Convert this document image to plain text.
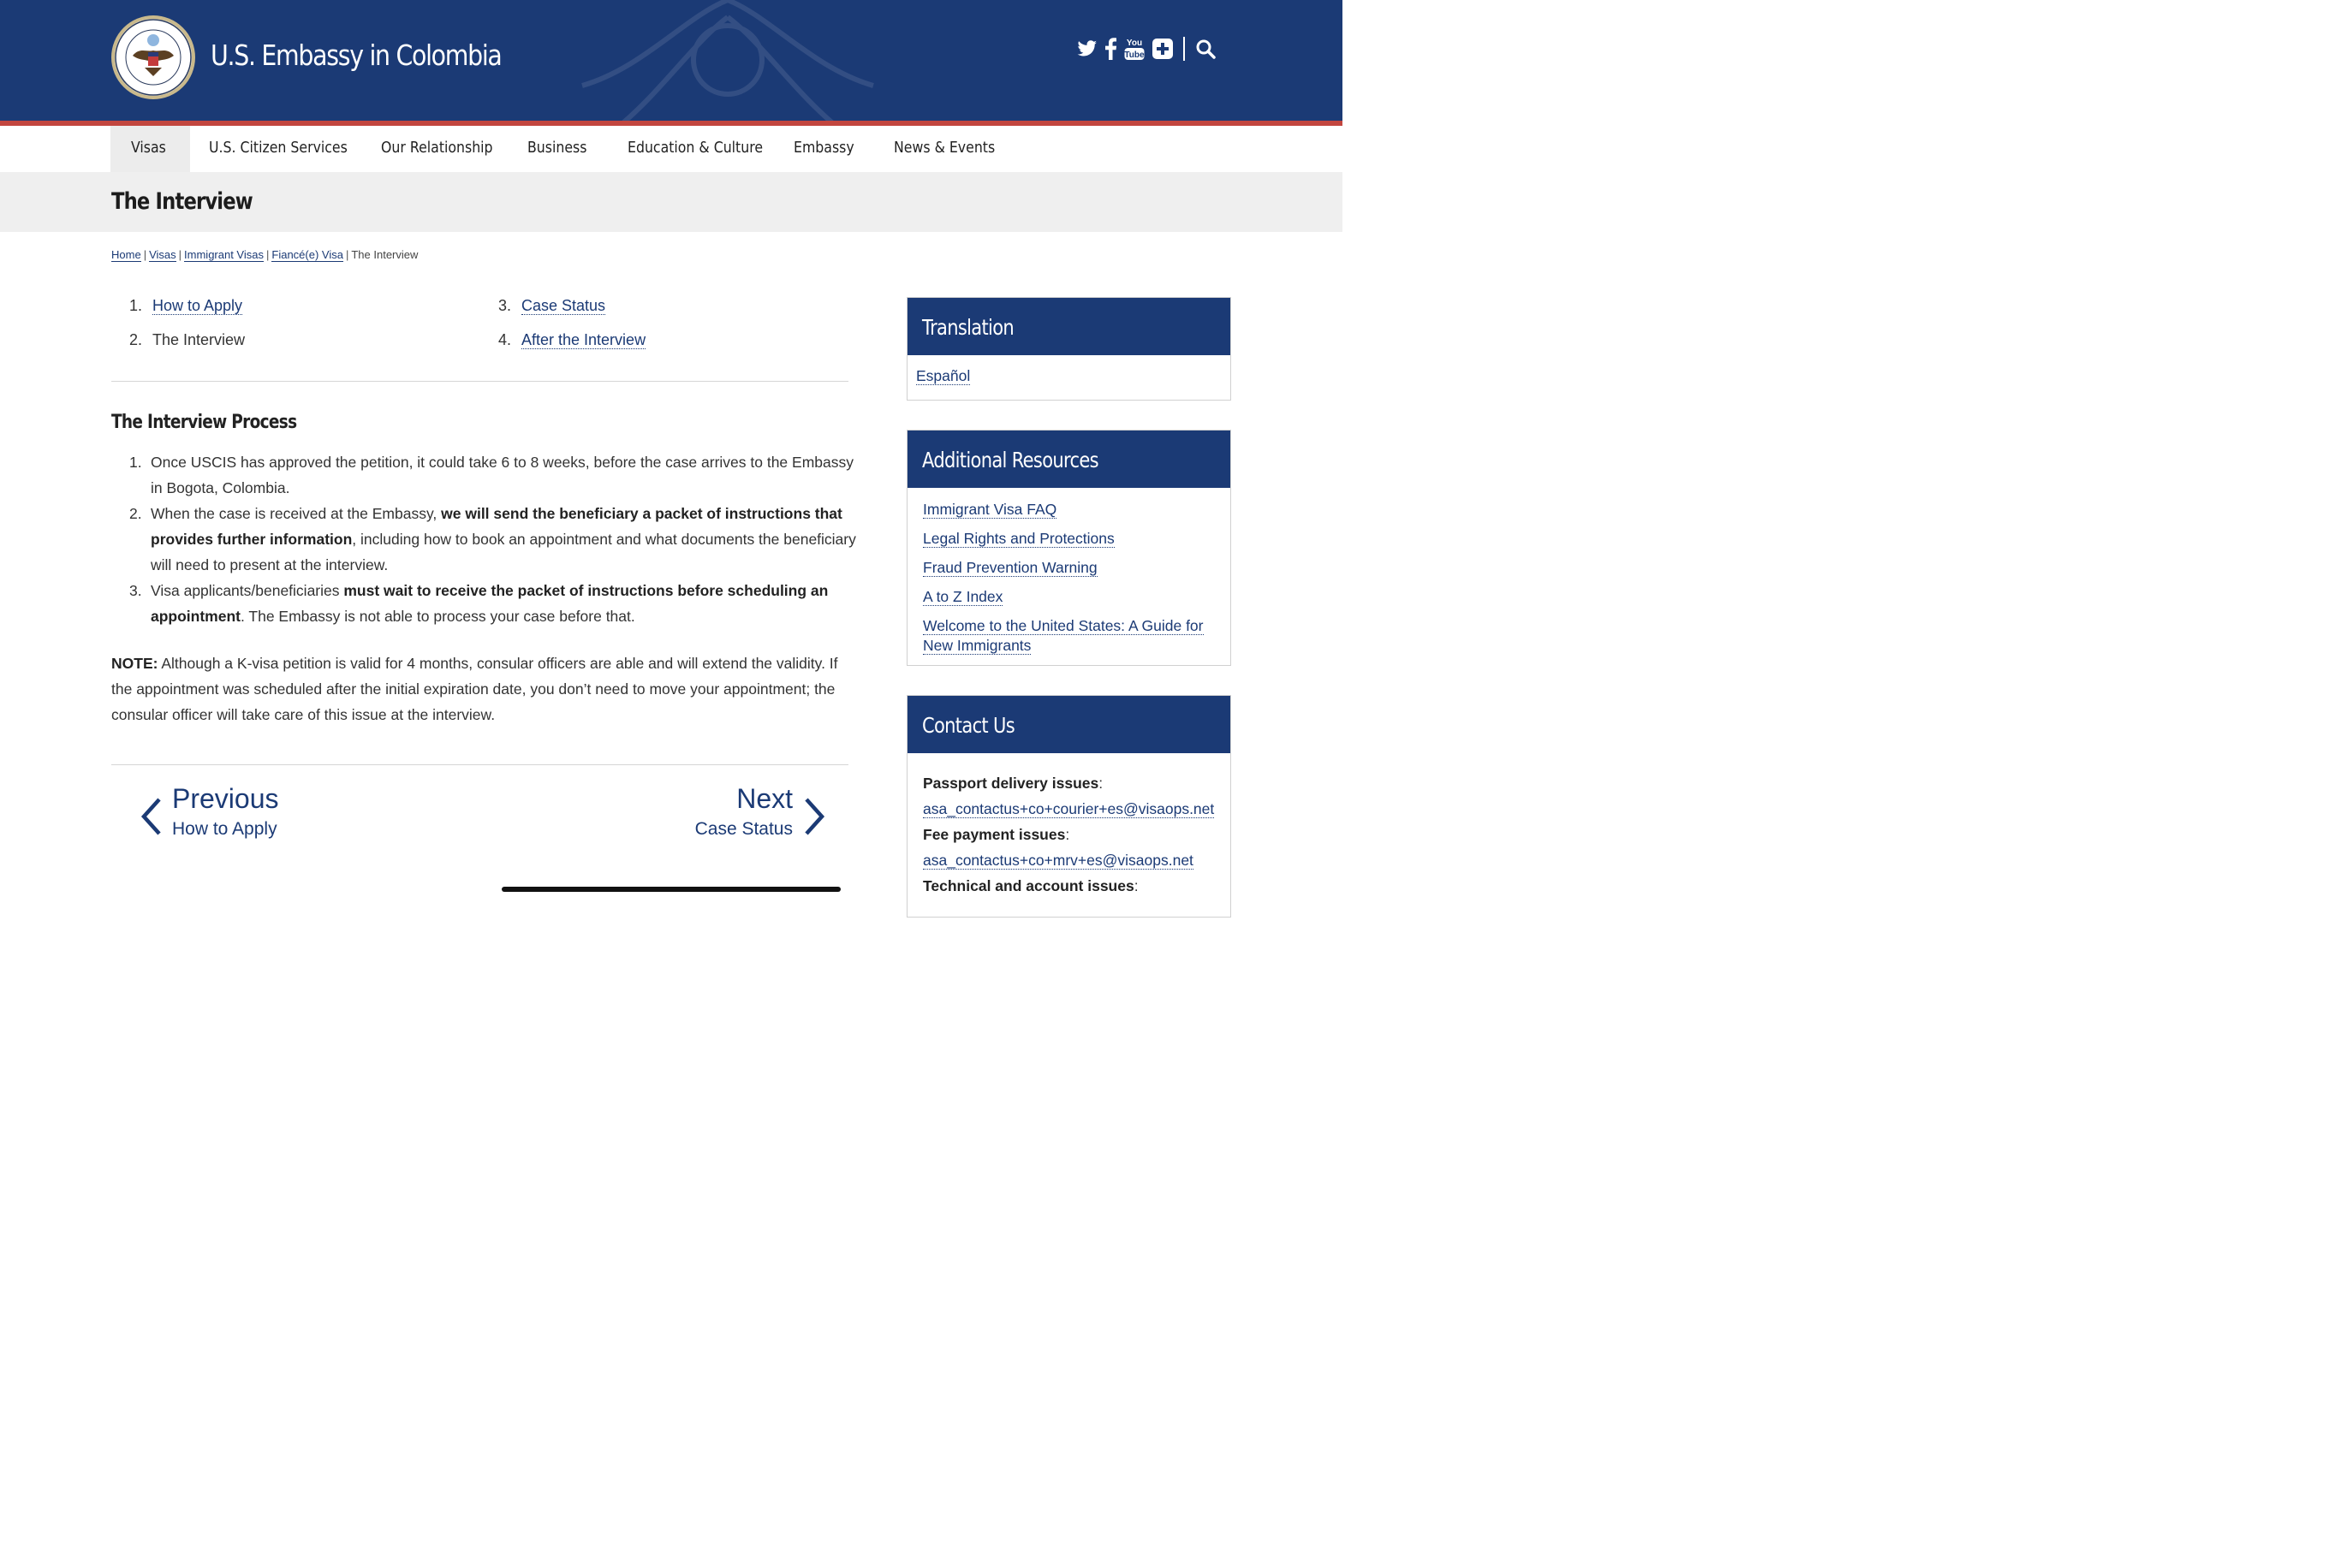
U.S. Embassy in Colombia	You
Tube
Visas	U.S. Citizen Services Our Relationship Business	Education & Culture Embassy	News & Events
The Interview
Home | Visas | Immigrant Visas | Fiancé(e) Visa | The Interview
1. How to Apply
2. The Interview
3. Case Status
4. After the Interview
The Interview Process
1. Once USCIS has approved the petition, it could take 6 to 8 weeks, before the case arrives to the Embassy in Bogota, Colombia.
2. When the case is received at the Embassy, we will send the beneficiary a packet of instructions that provides further information, including how to book an appointment and what documents the beneficiary will need to present at the interview.
3. Visa applicants/beneficiaries must wait to receive the packet of instructions before scheduling an appointment. The Embassy is not able to process your case before that.

NOTE: Although a K-visa petition is valid for 4 months, consular officers are able and will extend the validity. If the appointment was scheduled after the initial expiration date, you don’t need to move your appointment; the consular officer will take care of this issue at the interview.

Previous
How to Apply
Next
Case Status
Translation
Español
Additional Resources
Immigrant Visa FAQ
Legal Rights and Protections
Fraud Prevention Warning
A to Z Index
Welcome to the United States: A Guide for New Immigrants
Contact Us
Passport delivery issues:
asa_contactus+co+courier+es@visaops.net
Fee payment issues:
asa_contactus+co+mrv+es@visaops.net
Technical and account issues:
